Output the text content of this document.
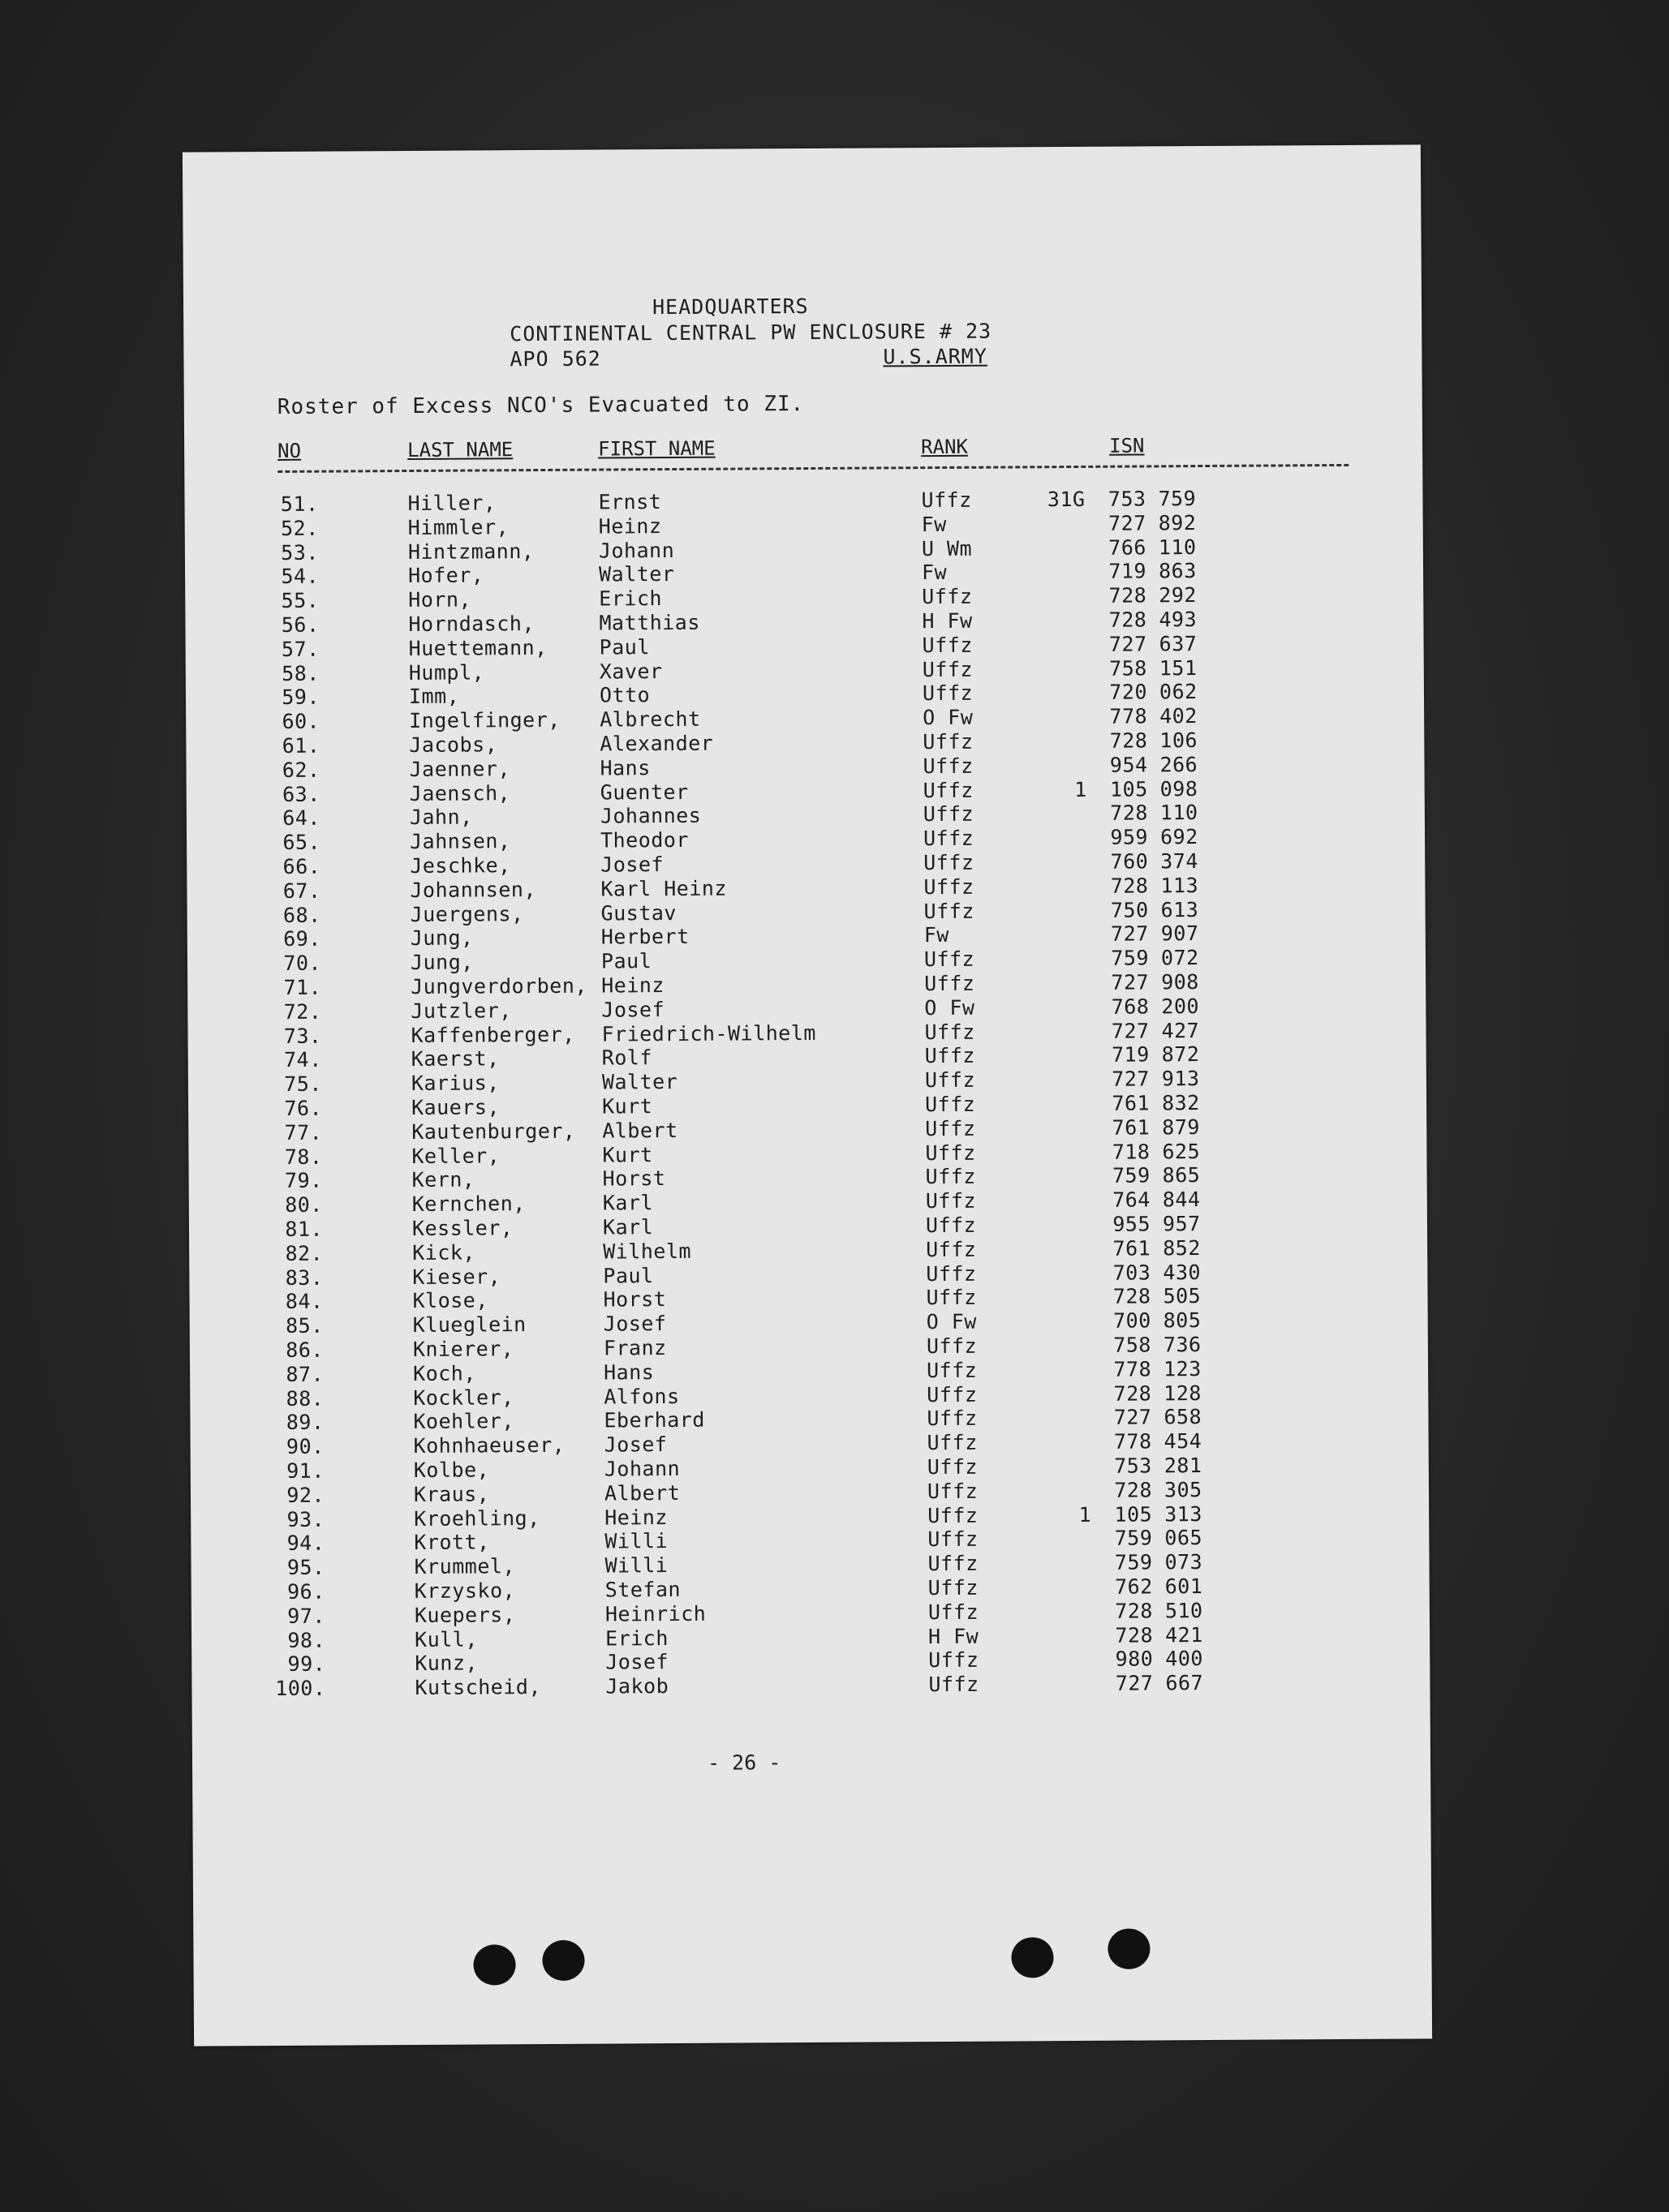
HEADQUARTERS
CONTINENTAL CENTRAL PW ENCLOSURE # 23
APO 562	U.S.ARMY
Roster of Excess NCO's Evacuated to ZI.
NO	LAST NAME	FIRST NAME	RANK	ISN
51.	Hiller,	Ernst	Uffz	31G	753 759
52.	Himmler,	Heinz	Fw	727 892
53.	Hintzmann,	Johann	U Wm	766 110
54.	Hofer,	Walter	Fw	719 863
55.	Horn,	Erich	Uffz	728 292
56.	Horndasch,	Matthias	H Fw	728 493
57.	Huettemann,	Paul	Uffz	727 637
58.	Humpl,	Xaver	Uffz	758 151
59.	Imm,	Otto	Uffz	720 062
60.	Ingelfinger, Albrecht	O Fw	778 402
61.	Jacobs,	Alexander	Uffz	728 106
62.	Jaenner,	Hans	Uffz	954 266
63.	Jaensch,	Guenter	Uffz	1	105 098
64.	Jahn,	Johannes	Uffz	728 110
65.	Jahnsen,	Theodor	Uffz	959 692
66.	Jeschke,	Josef	Uffz	760 374
67.	Johannsen,	Karl Heinz	Uffz	728 113
68.	Juergens,	Gustav	Uffz	750 613
69.	Jung,	Herbert	Fw	727 907
70.	Jung,	Paul	Uffz	759 072
71.	Jungverdorben, Heinz	Uffz	727 908
72.	Jutzler,	Josef	O Fw	768 200
73.	Kaffenberger, Friedrich-Wilhelm	Uffz	727 427
74.	Kaerst,	Rolf	Uffz	719 872
75.	Karius,	Walter	Uffz	727 913
76.	Kauers,	Kurt	Uffz	761 832
77.	Kautenburger, Albert	Uffz	761 879
78.	Keller,	Kurt	Uffz	718 625
79.	Kern,	Horst	Uffz	759 865
80.	Kernchen,	Karl	Uffz	764 844
81.	Kessler,	Karl	Uffz	955 957
82.	Kick,	Wilhelm	Uffz	761 852
83.	Kieser,	Paul	Uffz	703 430
84.	Klose,	Horst	Uffz	728 505
85.	Klueglein	Josef	O Fw	700 805
86.	Knierer,	Franz	Uffz	758 736
87.	Koch,	Hans	Uffz	778 123
88.	Kockler,	Alfons	Uffz	728 128
89.	Koehler,	Eberhard	Uffz	727 658
90.	Kohnhaeuser, Josef	Uffz	778 454
91.	Kolbe,	Johann	Uffz	753 281
92.	Kraus,	Albert	Uffz	728 305
93.	Kroehling,	Heinz	Uffz	1	105 313
94.	Krott,	Willi	Uffz	759 065
95.	Krummel,	Willi	Uffz	759 073
96.	Krzysko,	Stefan	Uffz	762 601
97.	Kuepers,	Heinrich	Uffz	728 510
98.	Kull,	Erich	H Fw	728 421
99.	Kunz,	Josef	Uffz	980 400
100.	Kutscheid,	Jakob	Uffz	727 667
- 26 -
